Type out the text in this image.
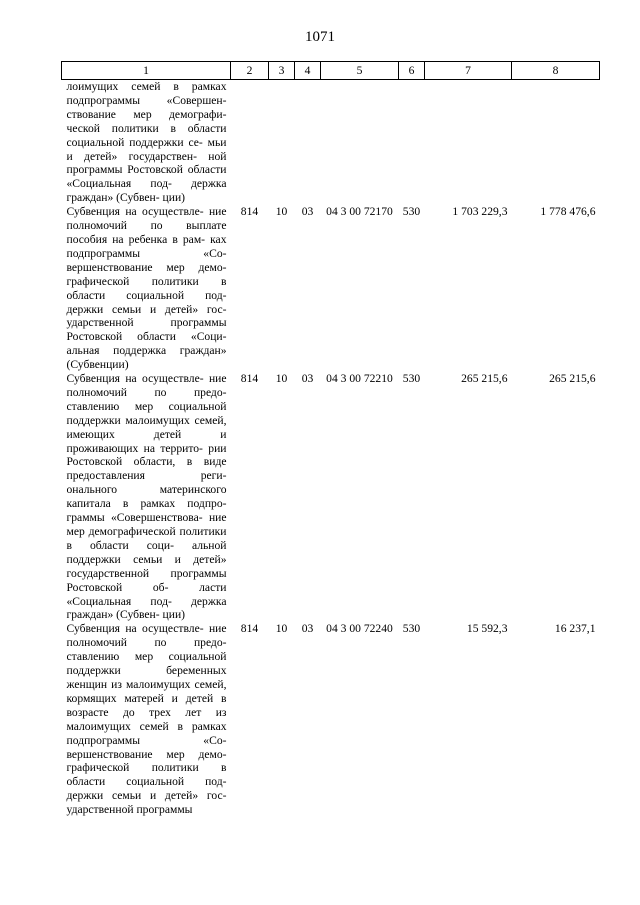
1071
1	2	3	4	5	6	7	8
лоимущих семей в рамках подпрограммы «Совершен- ствование мер демографи- ческой политики в области социальной поддержки се- мьи и детей» государствен- ной программы Ростовской области «Социальная под- держка граждан» (Субвен- ции)							
Субвенция на осуществле- ние полномочий по выплате пособия на ребенка в рам- ках подпрограммы «Со- вершенствование мер демо- графической политики в области социальной под- держки семьи и детей» гос- ударственной программы Ростовской области «Соци- альная поддержка граждан» (Субвенции)	814	10	03	04 3 00 72170	530	1 703 229,3	1 778 476,6
Субвенция на осуществле- ние полномочий по предо- ставлению мер социальной поддержки малоимущих семей, имеющих детей и проживающих на террито- рии Ростовской области, в виде предоставления реги- онального материнского капитала в рамках подпро- граммы «Совершенствова- ние мер демографической политики в области соци- альной поддержки семьи и детей» государственной программы Ростовской об- ласти «Социальная под- держка граждан» (Субвен- ции)	814	10	03	04 3 00 72210	530	265 215,6	265 215,6
Субвенция на осуществле- ние полномочий по предо- ставлению мер социальной поддержки беременных женщин из малоимущих семей, кормящих матерей и детей в возрасте до трех лет из малоимущих семей в рамках подпрограммы «Со- вершенствование мер демо- графической политики в области социальной под- держки семьи и детей» гос- ударственной программы	814	10	03	04 3 00 72240	530	15 592,3	16 237,1
